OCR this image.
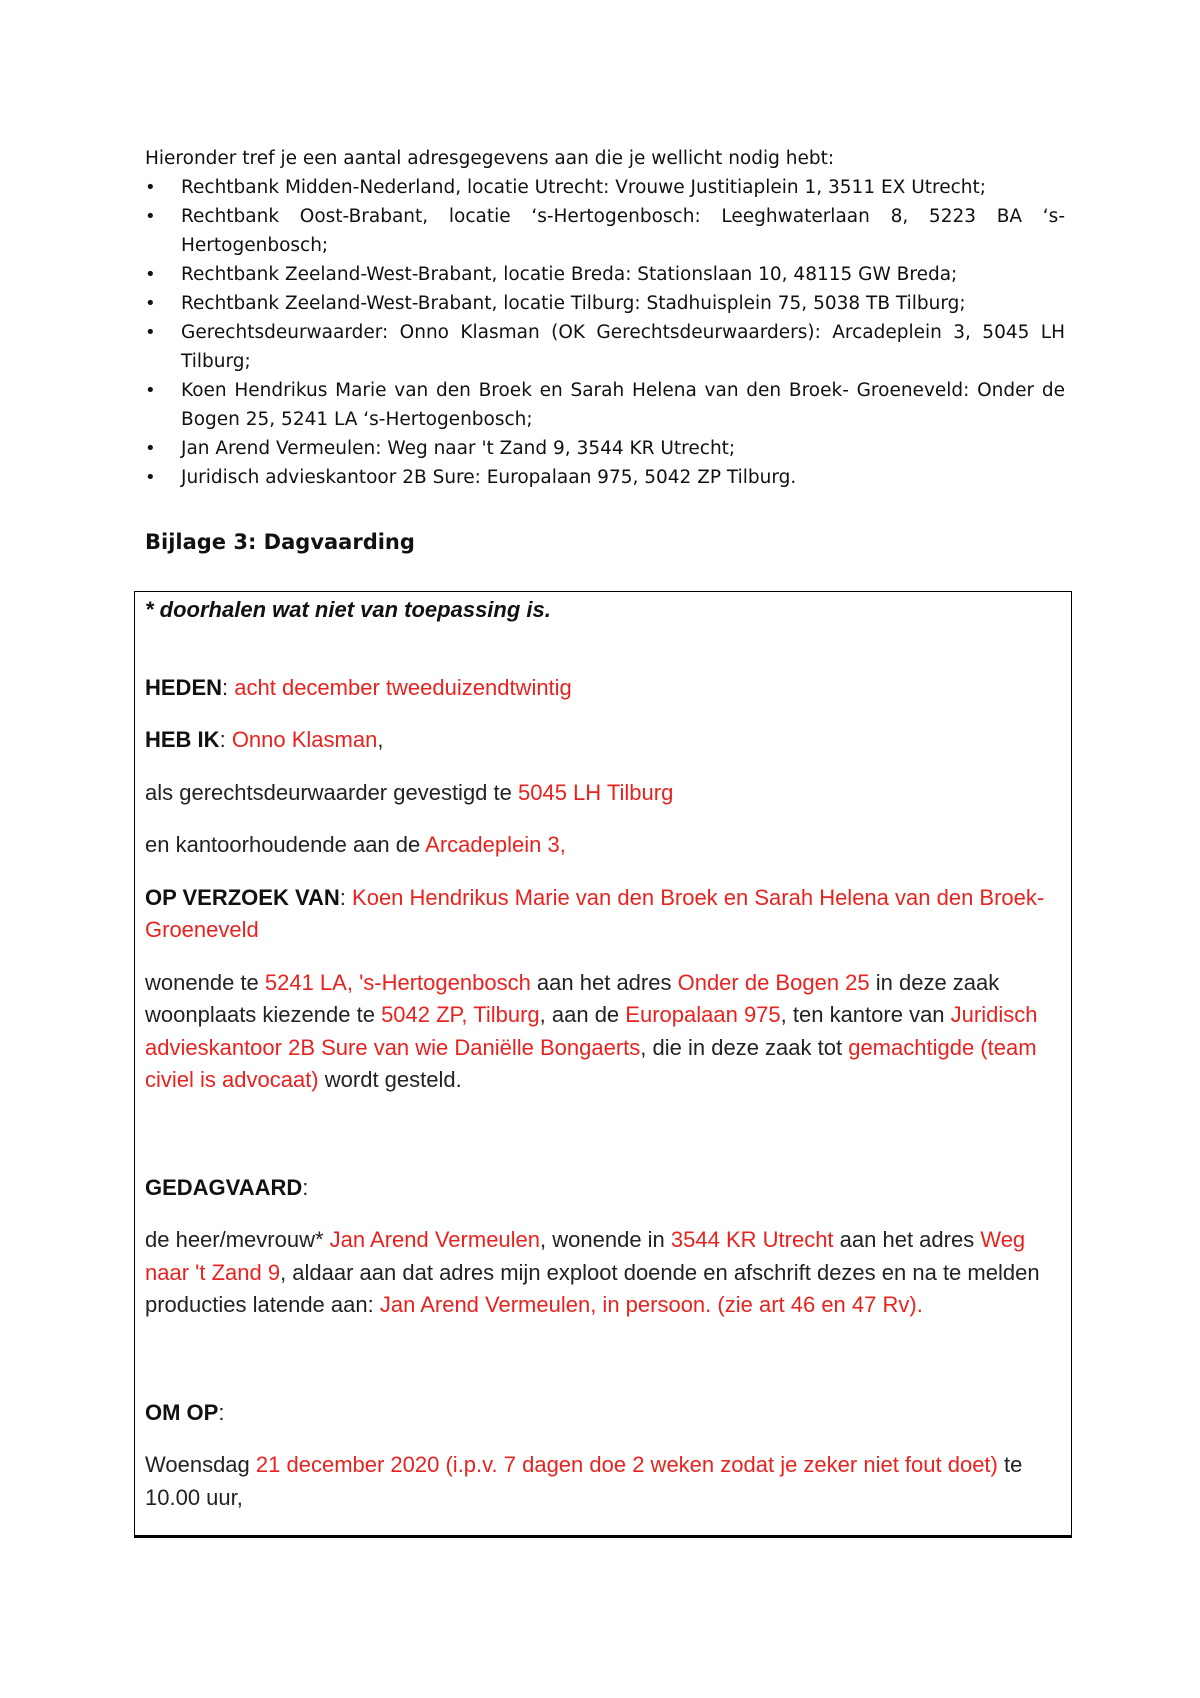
Hieronder tref je een aantal adresgegevens aan die je wellicht nodig hebt:
• Rechtbank Midden-Nederland, locatie Utrecht: Vrouwe Justitiaplein 1, 3511 EX Utrecht;
• Rechtbank Oost-Brabant, locatie ‘s-Hertogenbosch: Leeghwaterlaan 8, 5223 BA ‘s-Hertogenbosch;
• Rechtbank Zeeland-West-Brabant, locatie Breda: Stationslaan 10, 48115 GW Breda;
• Rechtbank Zeeland-West-Brabant, locatie Tilburg: Stadhuisplein 75, 5038 TB Tilburg;
• Gerechtsdeurwaarder: Onno Klasman (OK Gerechtsdeurwaarders): Arcadeplein 3, 5045 LH Tilburg;
• Koen Hendrikus Marie van den Broek en Sarah Helena van den Broek- Groeneveld: Onder de Bogen 25, 5241 LA ‘s-Hertogenbosch;
• Jan Arend Vermeulen: Weg naar 't Zand 9, 3544 KR Utrecht;
• Juridisch advieskantoor 2B Sure: Europalaan 975, 5042 ZP Tilburg.
Bijlage 3: Dagvaarding

* doorhalen wat niet van toepassing is.

HEDEN: acht december tweeduizendtwintig

HEB IK: Onno Klasman,

als gerechtsdeurwaarder gevestigd te 5045 LH Tilburg

en kantoorhoudende aan de Arcadeplein 3,

OP VERZOEK VAN: Koen Hendrikus Marie van den Broek en Sarah Helena van den Broek- Groeneveld

wonende te 5241 LA, 's-Hertogenbosch aan het adres Onder de Bogen 25 in deze zaak woonplaats kiezende te 5042 ZP, Tilburg, aan de Europalaan 975, ten kantore van Juridisch advieskantoor 2B Sure van wie Daniëlle Bongaerts, die in deze zaak tot gemachtigde (team civiel is advocaat) wordt gesteld.

GEDAGVAARD:

de heer/mevrouw* Jan Arend Vermeulen, wonende in 3544 KR Utrecht aan het adres Weg naar 't Zand 9, aldaar aan dat adres mijn exploot doende en afschrift dezes en na te melden producties latende aan: Jan Arend Vermeulen, in persoon. (zie art 46 en 47 Rv).

OM OP:

Woensdag 21 december 2020 (i.p.v. 7 dagen doe 2 weken zodat je zeker niet fout doet) te 10.00 uur,
